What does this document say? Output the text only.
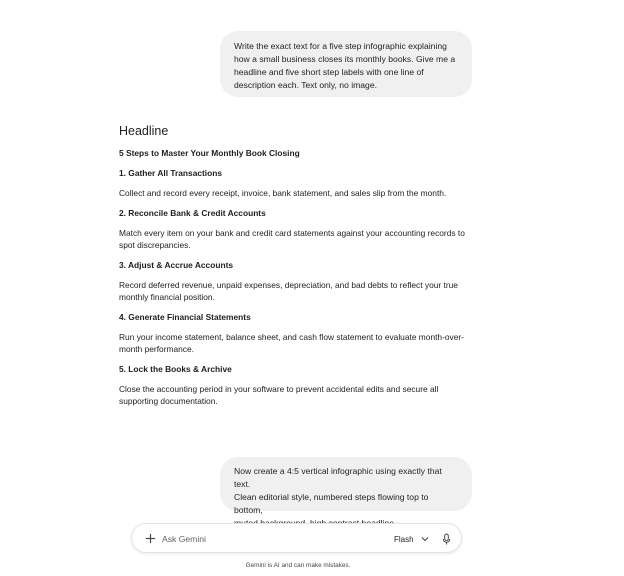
Write the exact text for a five step infographic explaining
how a small business closes its monthly books. Give me a
headline and five short step labels with one line of
description each. Text only, no image.
Headline
5 Steps to Master Your Monthly Book Closing
1. Gather All Transactions
Collect and record every receipt, invoice, bank statement, and sales slip from the month.
2. Reconcile Bank & Credit Accounts
Match every item on your bank and credit card statements against your accounting records to
spot discrepancies.
3. Adjust & Accrue Accounts
Record deferred revenue, unpaid expenses, depreciation, and bad debts to reflect your true
monthly financial position.
4. Generate Financial Statements
Run your income statement, balance sheet, and cash flow statement to evaluate month-over-
month performance.
5. Lock the Books & Archive
Close the accounting period in your software to prevent accidental edits and secure all
supporting documentation.
Now create a 4:5 vertical infographic using exactly that text.
Clean editorial style, numbered steps flowing top to bottom,
Ask Gemini
Flash
Gemini is AI and can make mistakes.
